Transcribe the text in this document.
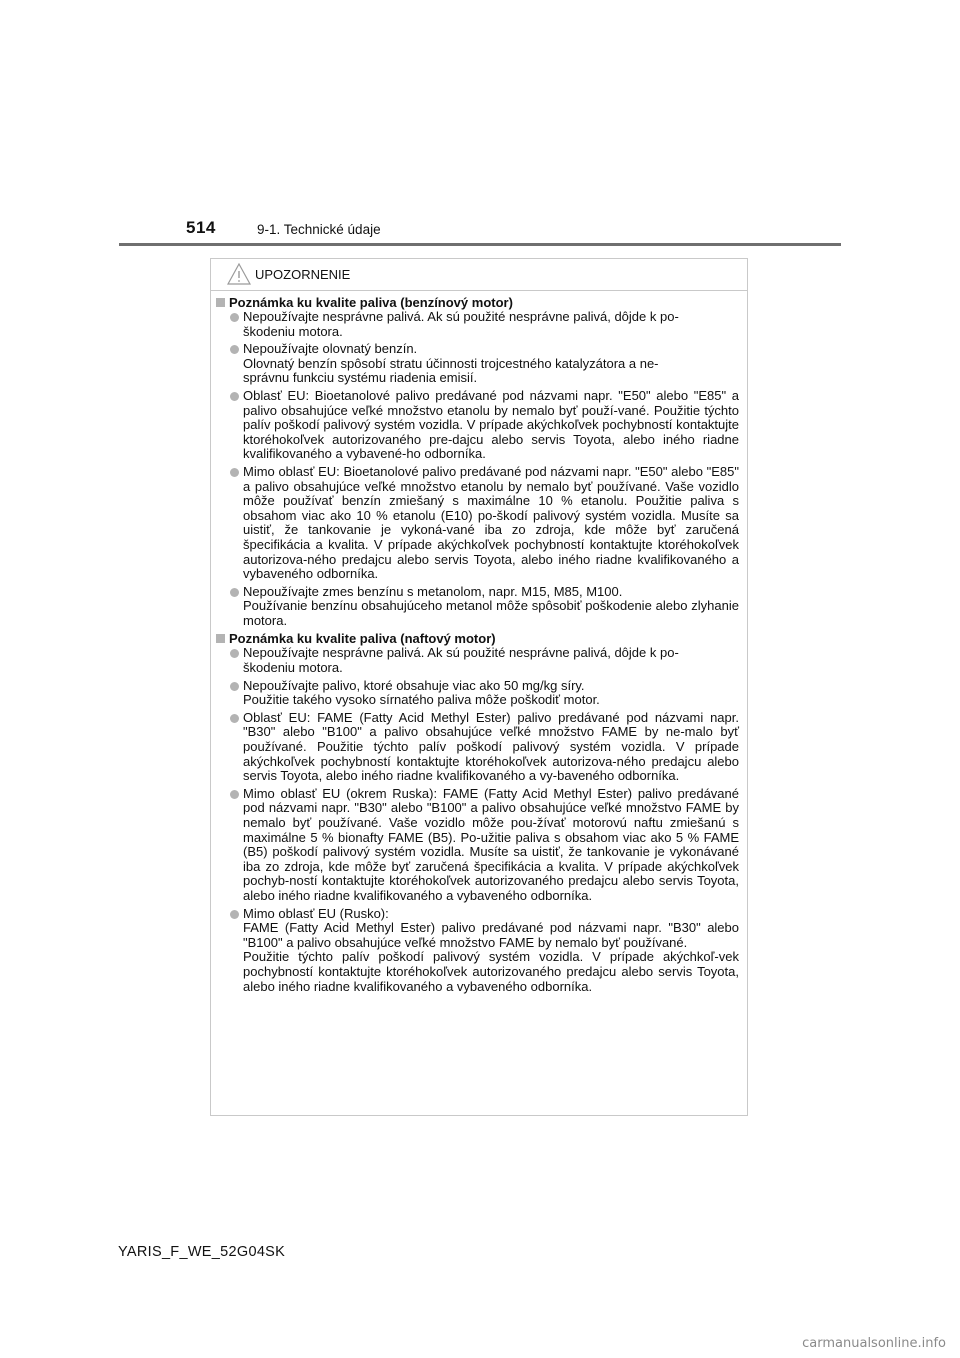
514	9-1. Technické údaje
UPOZORNENIE
Poznámka ku kvalite paliva (benzínový motor)
Nepoužívajte nesprávne palivá. Ak sú použité nesprávne palivá, dôjde k po-
škodeniu motora.
Nepoužívajte olovnatý benzín.
Olovnatý benzín spôsobí stratu účinnosti trojcestného katalyzátora a ne-
správnu funkciu systému riadenia emisií.
Oblasť EU: Bioetanolové palivo predávané pod názvami napr. "E50" alebo "E85" a palivo obsahujúce veľké množstvo etanolu by nemalo byť použí-vané. Použitie týchto palív poškodí palivový systém vozidla. V prípade akýchkoľvek pochybností kontaktujte ktoréhokoľvek autorizovaného pre-dajcu alebo servis Toyota, alebo iného riadne kvalifikovaného a vybavené-ho odborníka.
Mimo oblasť EU: Bioetanolové palivo predávané pod názvami napr. "E50" alebo "E85" a palivo obsahujúce veľké množstvo etanolu by nemalo byť používané. Vaše vozidlo môže používať benzín zmiešaný s maximálne 10 % etanolu. Použitie paliva s obsahom viac ako 10 % etanolu (E10) po-škodí palivový systém vozidla. Musíte sa uistiť, že tankovanie je vykoná-vané iba zo zdroja, kde môže byť zaručená špecifikácia a kvalita. V prípade akýchkoľvek pochybností kontaktujte ktoréhokoľvek autorizova-ného predajcu alebo servis Toyota, alebo iného riadne kvalifikovaného a vybaveného odborníka.
Nepoužívajte zmes benzínu s metanolom, napr. M15, M85, M100.
Používanie benzínu obsahujúceho metanol môže spôsobiť poškodenie alebo zlyhanie motora.
Poznámka ku kvalite paliva (naftový motor)
Nepoužívajte nesprávne palivá. Ak sú použité nesprávne palivá, dôjde k po-
škodeniu motora.
Nepoužívajte palivo, ktoré obsahuje viac ako 50 mg/kg síry.
Použitie takého vysoko sírnatého paliva môže poškodiť motor.
Oblasť EU: FAME (Fatty Acid Methyl Ester) palivo predávané pod názvami napr. "B30" alebo "B100" a palivo obsahujúce veľké množstvo FAME by ne-malo byť používané. Použitie týchto palív poškodí palivový systém vozidla. V prípade akýchkoľvek pochybností kontaktujte ktoréhokoľvek autorizova-ného predajcu alebo servis Toyota, alebo iného riadne kvalifikovaného a vy-baveného odborníka.
Mimo oblasť EU (okrem Ruska): FAME (Fatty Acid Methyl Ester) palivo predávané pod názvami napr. "B30" alebo "B100" a palivo obsahujúce veľké množstvo FAME by nemalo byť používané. Vaše vozidlo môže pou-žívať motorovú naftu zmiešanú s maximálne 5 % bionafty FAME (B5). Po-užitie paliva s obsahom viac ako 5 % FAME (B5) poškodí palivový systém vozidla. Musíte sa uistiť, že tankovanie je vykonávané iba zo zdroja, kde môže byť zaručená špecifikácia a kvalita. V prípade akýchkoľvek pochyb-ností kontaktujte ktoréhokoľvek autorizovaného predajcu alebo servis Toyota, alebo iného riadne kvalifikovaného a vybaveného odborníka.
Mimo oblasť EU (Rusko):
FAME (Fatty Acid Methyl Ester) palivo predávané pod názvami napr. "B30" alebo "B100" a palivo obsahujúce veľké množstvo FAME by nemalo byť používané.
Použitie týchto palív poškodí palivový systém vozidla. V prípade akýchkoľ-vek pochybností kontaktujte ktoréhokoľvek autorizovaného predajcu alebo servis Toyota, alebo iného riadne kvalifikovaného a vybaveného odborníka.
YARIS_F_WE_52G04SK
carmanualsonline.info
